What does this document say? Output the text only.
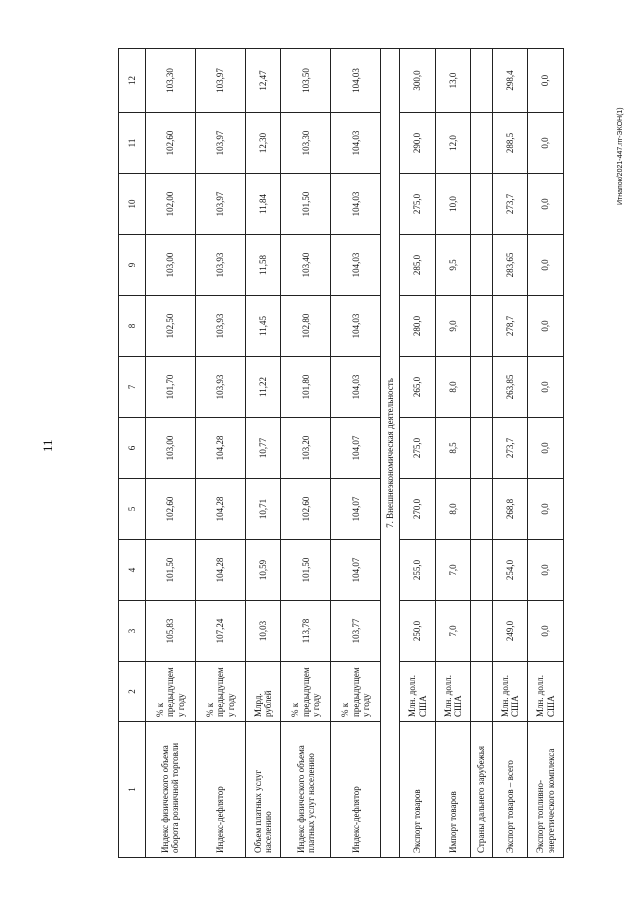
11
Итнапок/2021-447.rrr-ЭКОН(1)
1	2	3	4	5	6	7	8	9	10	11	12
Индекс физического объема оборота розничной торговли	% к предыдущем у году	105,83	101,50	102,60	103,00	101,70	102,50	103,00	102,00	102,60	103,30
Индекс-дефлятор	% к предыдущем у году	107,24	104,28	104,28	104,28	103,93	103,93	103,93	103,97	103,97	103,97
Объем платных услуг населению	Млрд. рублей	10,03	10,59	10,71	10,77	11,22	11,45	11,58	11,84	12,30	12,47
Индекс физического объема платных услуг населению	% к предыдущем у году	113,78	101,50	102,60	103,20	101,80	102,80	103,40	101,50	103,30	103,50
Индекс-дефлятор	% к предыдущем у году	103,77	104,07	104,07	104,07	104,03	104,03	104,03	104,03	104,03	104,03
7. Внешнеэкономическая деятельность											
Экспорт товаров	Млн. долл. США	250,0	255,0	270,0	275,0	265,0	280,0	285,0	275,0	290,0	300,0
Импорт товаров	Млн. долл. США	7,0	7,0	8,0	8,5	8,0	9,0	9,5	10,0	12,0	13,0
Страны дальнего зарубежья											
Экспорт товаров – всего	Млн. долл. США	249,0	254,0	268,8	273,7	263,85	278,7	283,65	273,7	288,5	298,4
Экспорт топливно-энергетического комплекса	Млн. долл. США	0,0	0,0	0,0	0,0	0,0	0,0	0,0	0,0	0,0	0,0
